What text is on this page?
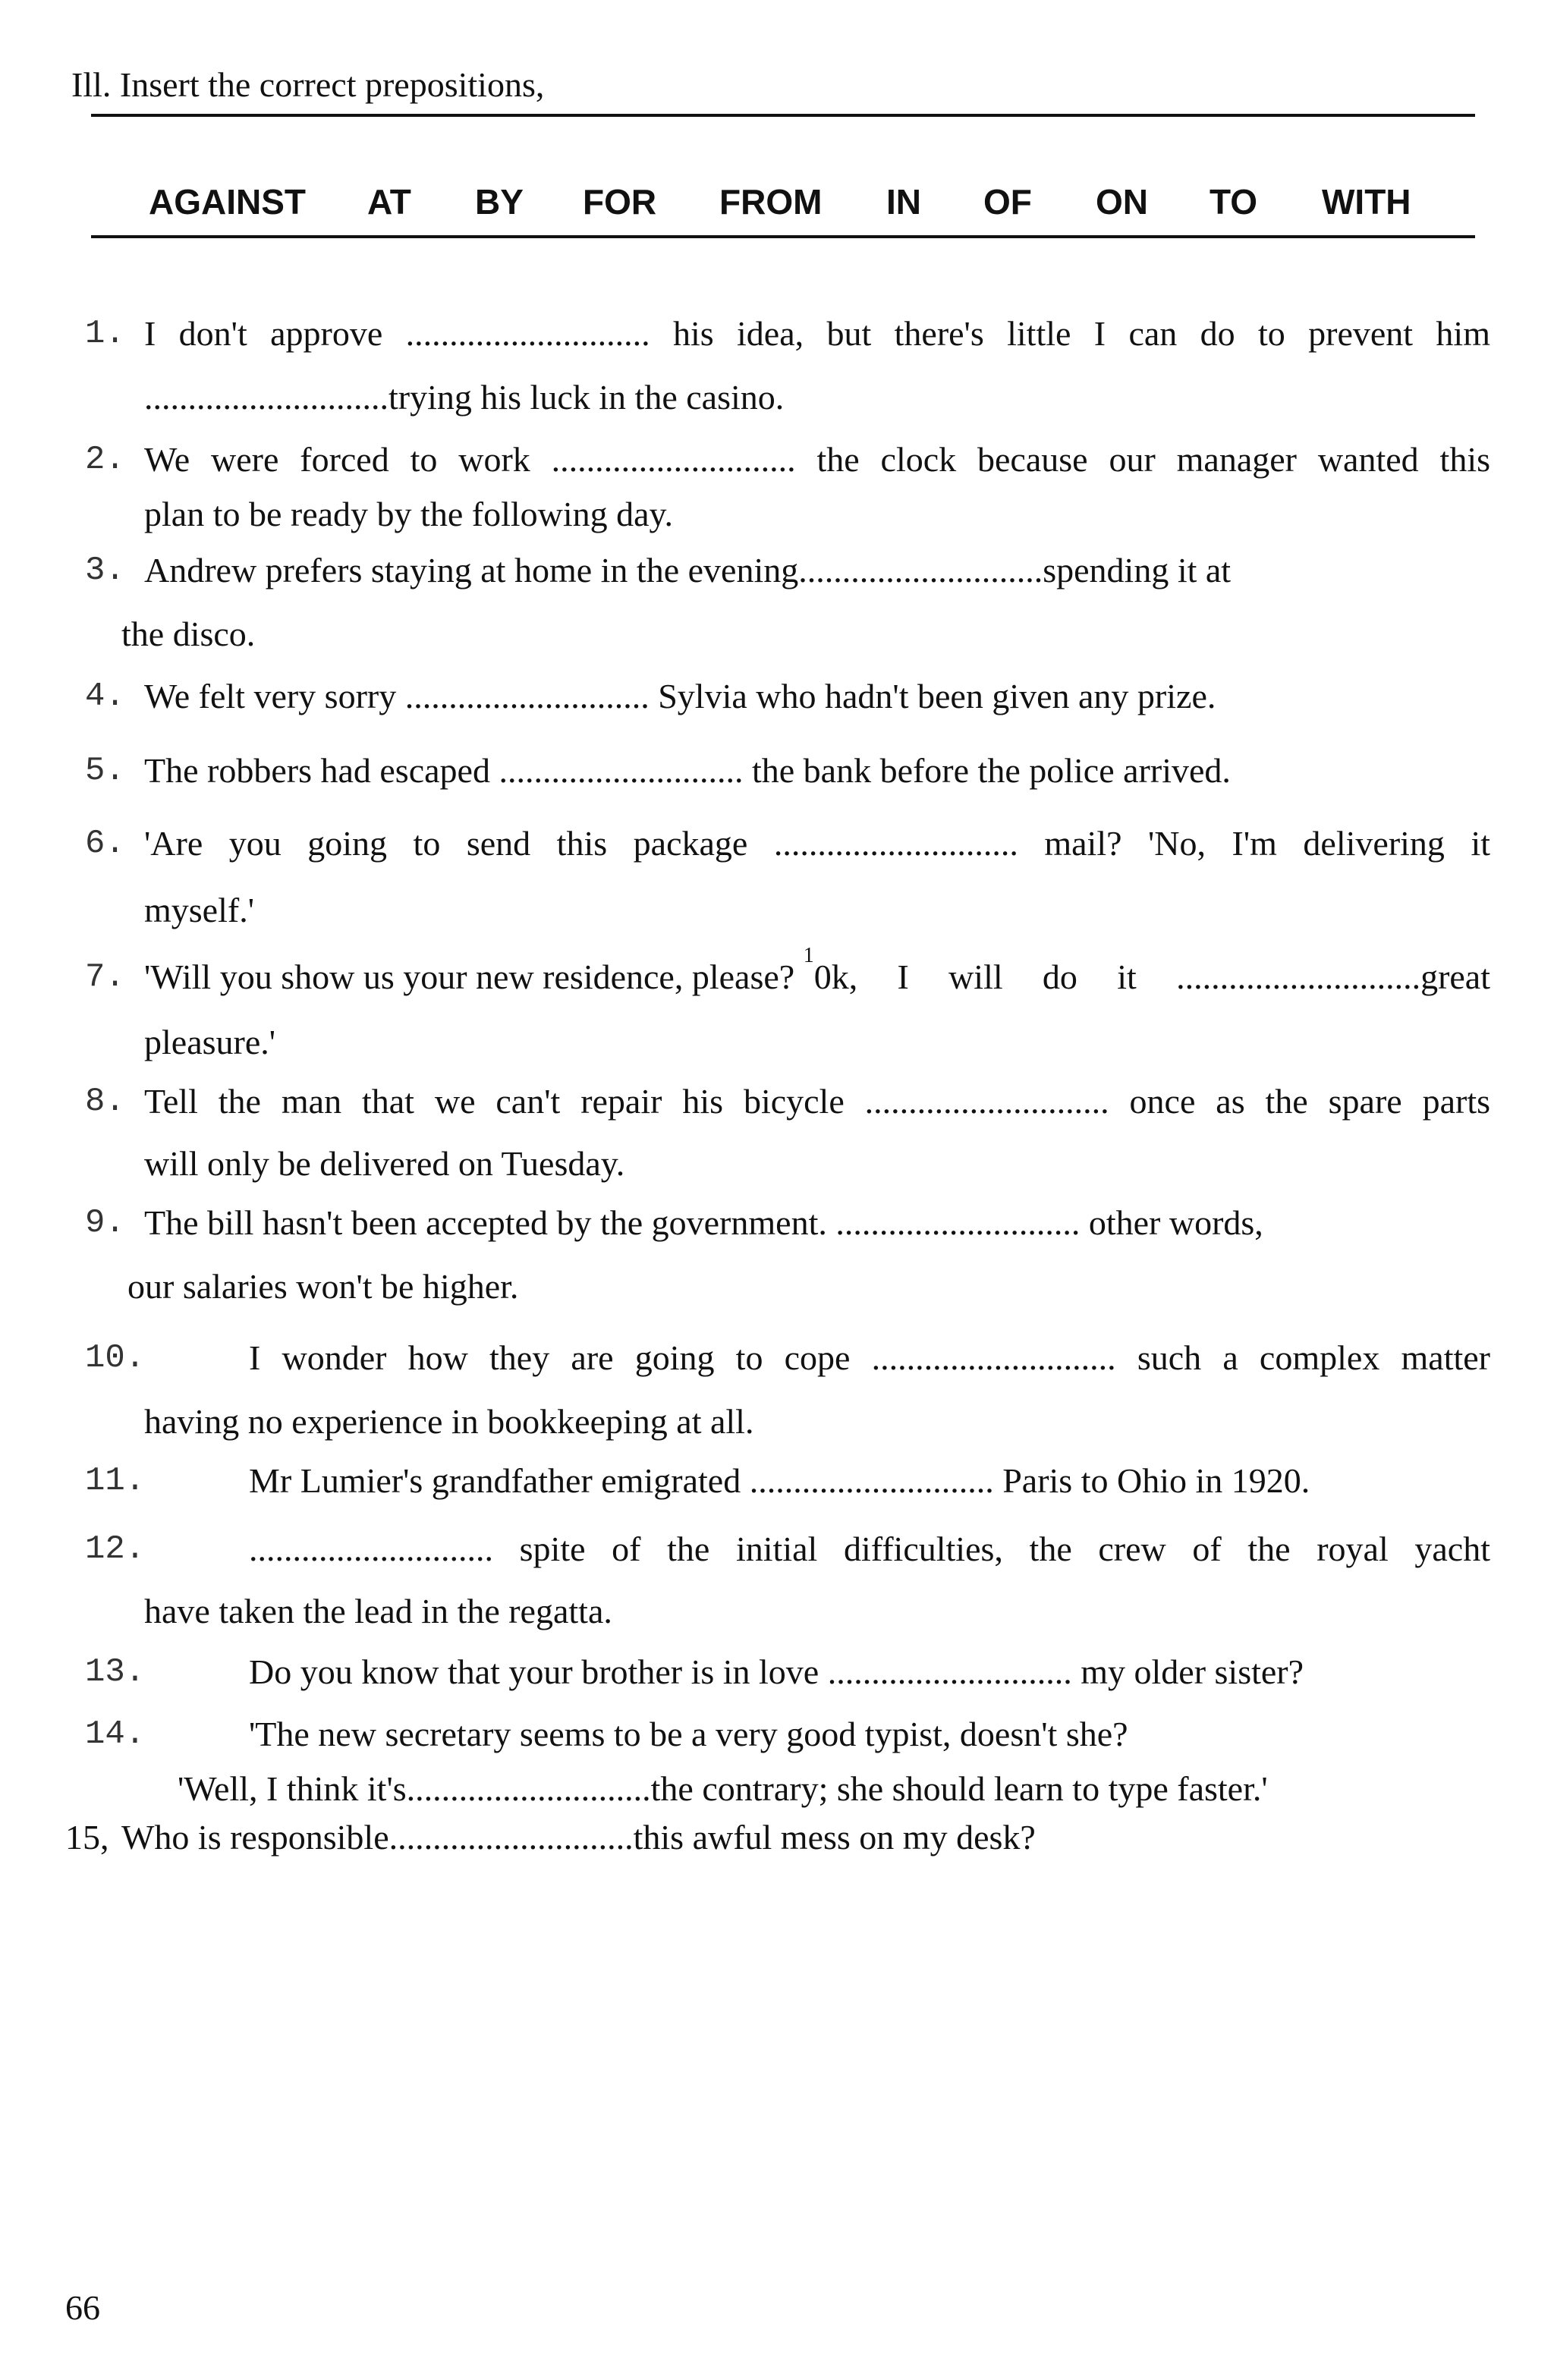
Ill. Insert the correct prepositions,
AGAINST AT BY FOR FROM IN OF ON TO WITH
1. I don't approve ............................ his idea, but there's little I can do to prevent him
............................trying his luck in the casino.
2. We were forced to work ............................ the clock because our manager wanted this
plan to be ready by the following day.
3. Andrew prefers staying at home in the evening............................spending it at
the disco.
4. We felt very sorry ............................ Sylvia who hadn't been given any prize.
5. The robbers had escaped ............................ the bank before the police arrived.
6. 'Are you going to send this package ............................ mail? 'No, I'm delivering it
myself.'
7. 'Will you show us your new residence, please?
1
0k, I will do it ............................great
pleasure.'
8. Tell the man that we can't repair his bicycle ............................ once as the spare parts
will only be delivered on Tuesday.
9. The bill hasn't been accepted by the government. ............................ other words,
our salaries won't be higher.
10.	I wonder how they are going to cope ............................ such a complex matter
having no experience in bookkeeping at all.
11.	Mr Lumier's grandfather emigrated ............................ Paris to Ohio in 1920.
12.	............................ spite of the initial difficulties, the crew of the royal yacht
have taken the lead in the regatta.
13.	Do you know that your brother is in love ............................ my older sister?
14.	'The new secretary seems to be a very good typist, doesn't she?
'Well, I think it's............................the contrary; she should learn to type faster.'
15, Who is responsible............................this awful mess on my desk?
66
